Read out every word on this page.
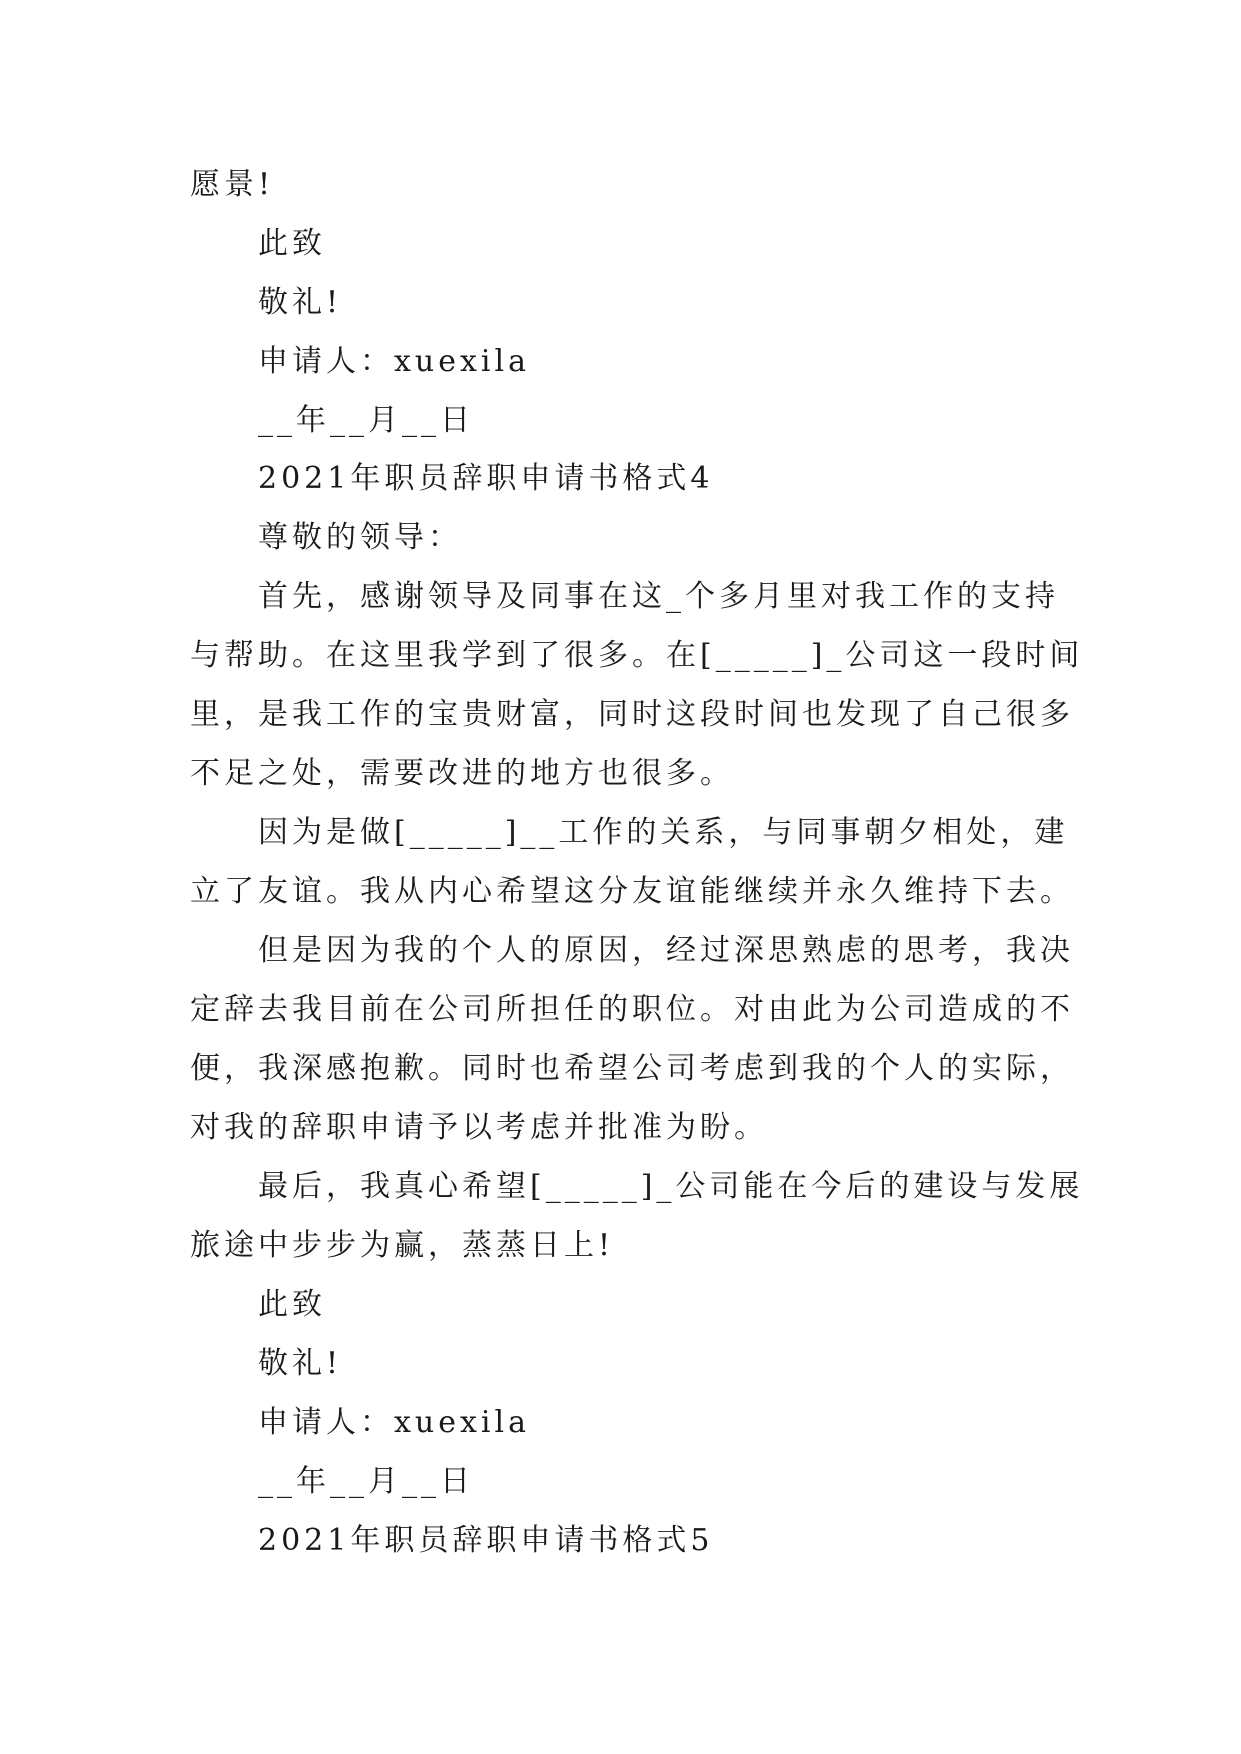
愿景!
此致
敬礼!
申请人：xuexila
__年__月__日
2021年职员辞职申请书格式4
尊敬的领导：
首先，感谢领导及同事在这_个多月里对我工作的支持
与帮助。在这里我学到了很多。在[_____]_公司这一段时间
里，是我工作的宝贵财富，同时这段时间也发现了自己很多
不足之处，需要改进的地方也很多。
因为是做[_____]__工作的关系，与同事朝夕相处，建
立了友谊。我从内心希望这分友谊能继续并永久维持下去。
但是因为我的个人的原因，经过深思熟虑的思考，我决
定辞去我目前在公司所担任的职位。对由此为公司造成的不
便，我深感抱歉。同时也希望公司考虑到我的个人的实际，
对我的辞职申请予以考虑并批准为盼。
最后，我真心希望[_____]_公司能在今后的建设与发展
旅途中步步为赢，蒸蒸日上!
此致
敬礼!
申请人：xuexila
__年__月__日
2021年职员辞职申请书格式5
